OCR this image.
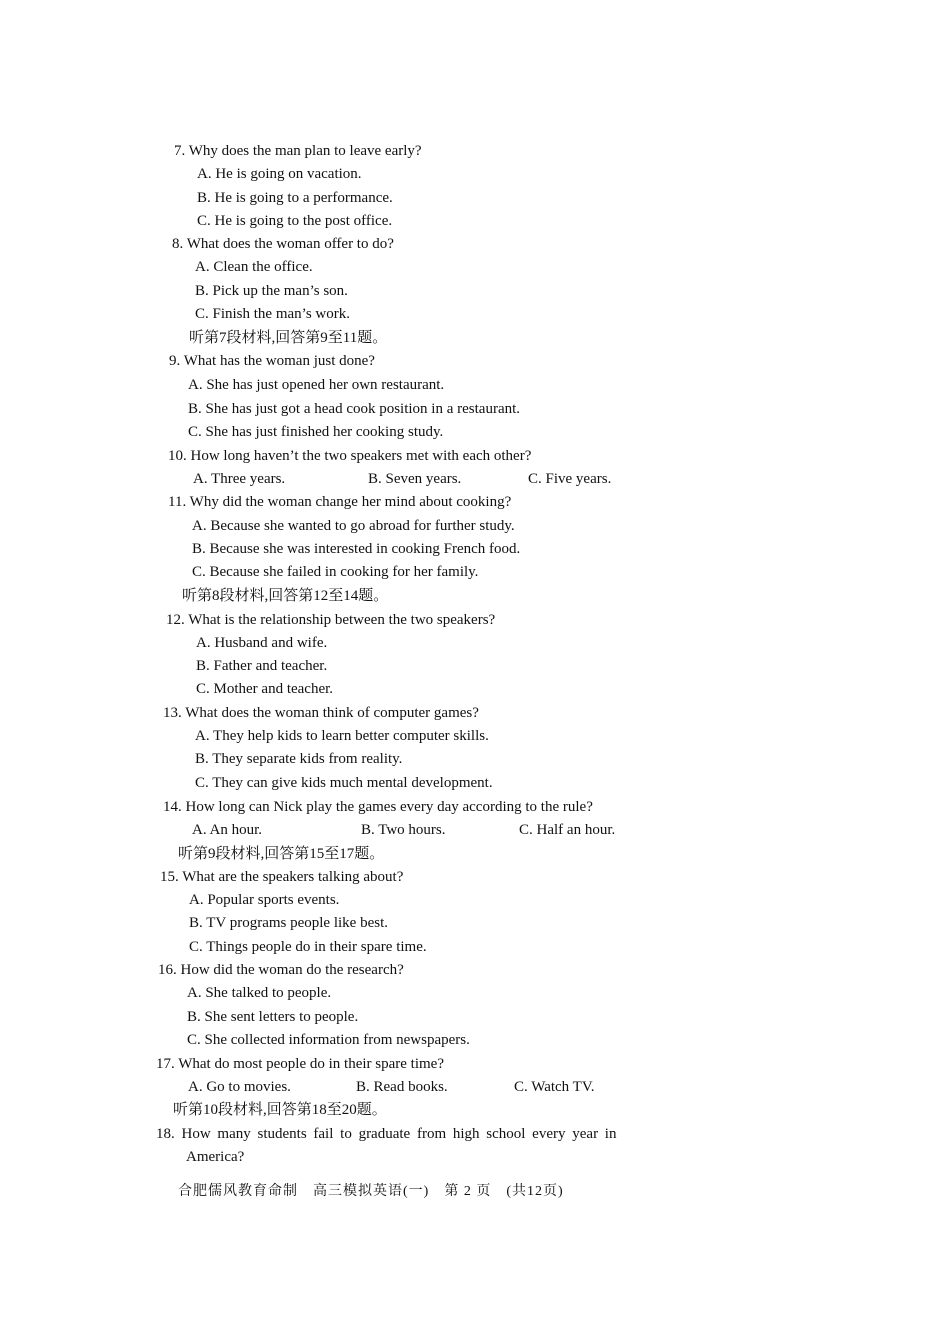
7. Why does the man plan to leave early?
A. He is going on vacation.
B. He is going to a performance.
C. He is going to the post office.
8. What does the woman offer to do?
A. Clean the office.
B. Pick up the man’s son.
C. Finish the man’s work.
听第7段材料,回答第9至11题。
9. What has the woman just done?
A. She has just opened her own restaurant.
B. She has just got a head cook position in a restaurant.
C. She has just finished her cooking study.
10. How long haven’t the two speakers met with each other?
A. Three years.	B. Seven years.	C. Five years.
11. Why did the woman change her mind about cooking?
A. Because she wanted to go abroad for further study.
B. Because she was interested in cooking French food.
C. Because she failed in cooking for her family.
听第8段材料,回答第12至14题。
12. What is the relationship between the two speakers?
A. Husband and wife.
B. Father and teacher.
C. Mother and teacher.
13. What does the woman think of computer games?
A. They help kids to learn better computer skills.
B. They separate kids from reality.
C. They can give kids much mental development.
14. How long can Nick play the games every day according to the rule?
A. An hour.	B. Two hours.	C. Half an hour.
听第9段材料,回答第15至17题。
15. What are the speakers talking about?
A. Popular sports events.
B. TV programs people like best.
C. Things people do in their spare time.
16. How did the woman do the research?
A. She talked to people.
B. She sent letters to people.
C. She collected information from newspapers.
17. What do most people do in their spare time?
A. Go to movies.	B. Read books.	C. Watch TV.
听第10段材料,回答第18至20题。
18. How many students fail to graduate from high school every year in
America?
合肥儒风教育命制　高三模拟英语(一)　第 2 页　(共12页)
